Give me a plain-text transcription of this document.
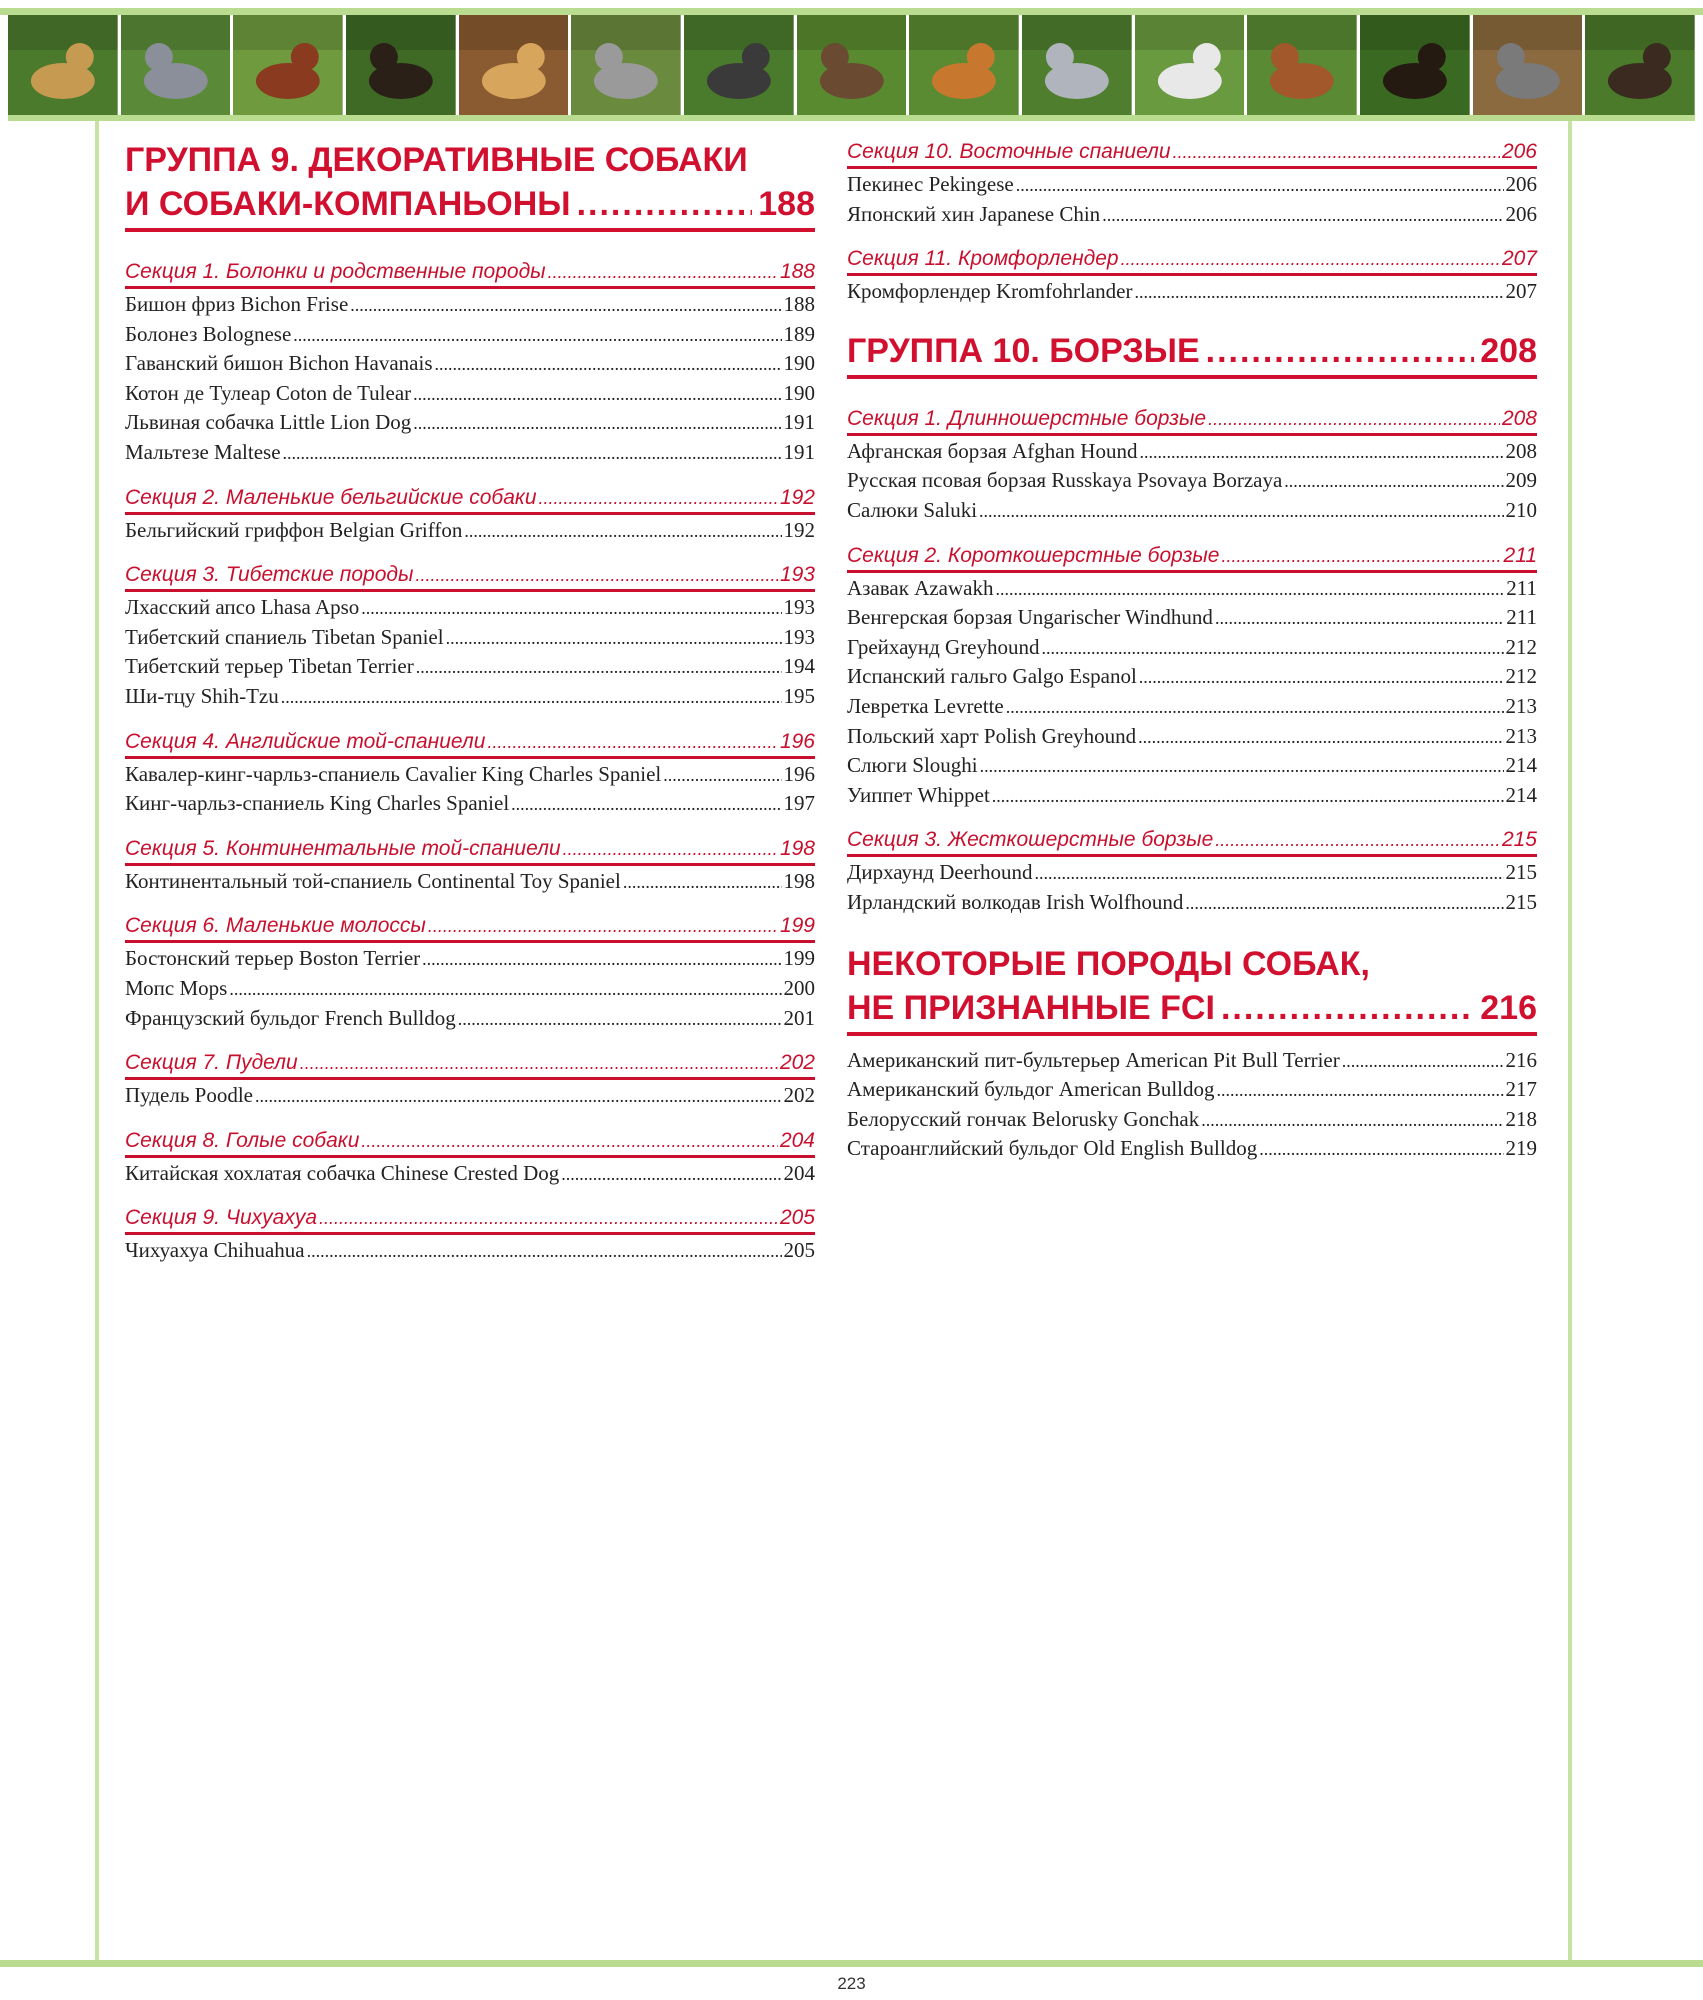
ГРУППА 9. ДЕКОРАТИВНЫЕ СОБАКИ
И СОБАКИ-КОМПАНЬОНЫ .....	188
Секция 1. Болонки и родственные породы .....	188
Бишон фриз Bichon Frise .....	188
Болонез Bolognese .....	189
Гаванский бишон Bichon Havanais .....	190
Котон де Тулеар Coton de Tulear .....	190
Львиная собачка Little Lion Dog .....	191
Мальтезе Maltese .....	191
Секция 2. Маленькие бельгийские собаки .....	192
Бельгийский гриффон Belgian Griffon .....	192
Секция 3. Тибетские породы .....	193
Лхасский апсо Lhasa Apso .....	193
Тибетский спаниель Tibetan Spaniel .....	193
Тибетский терьер Tibetan Terrier .....	194
Ши-тцу Shih-Tzu .....	195
Секция 4. Английские той-спаниели .....	196
Кавалер-кинг-чарльз-спаниель Cavalier King Charles Spaniel .....	196
Кинг-чарльз-спаниель King Charles Spaniel .....	197
Секция 5. Континентальные той-спаниели .....	198
Континентальный той-спаниель Continental Toy Spaniel .....	198
Секция 6. Маленькие молоссы .....	199
Бостонский терьер Boston Terrier .....	199
Мопс Mops .....	200
Французский бульдог French Bulldog .....	201
Секция 7. Пудели .....	202
Пудель Poodle .....	202
Секция 8. Голые собаки .....	204
Китайская хохлатая собачка Chinese Crested Dog .....	204
Секция 9. Чихуахуа .....	205
Чихуахуа Chihuahua .....	205
Секция 10. Восточные спаниели .....	206
Пекинес Pekingese .....	206
Японский хин Japanese Chin .....	206
Секция 11. Кромфорлендер .....	207
Кромфорлендер Kromfohrlander .....	207
ГРУППА 10. БОРЗЫЕ .....	208
Секция 1. Длинношерстные борзые .....	208
Афганская борзая Afghan Hound .....	208
Русская псовая борзая Russkaya Psovaya Borzaya .....	209
Салюки Saluki .....	210
Секция 2. Короткошерстные борзые .....	211
Азавак Azawakh .....	211
Венгерская борзая Ungarischer Windhund .....	211
Грейхаунд Greyhound .....	212
Испанский гальго Galgo Espanol .....	212
Левретка Levrette .....	213
Польский харт Polish Greyhound .....	213
Слюги Sloughi .....	214
Уиппет Whippet .....	214
Секция 3. Жесткошерстные борзые .....	215
Дирхаунд Deerhound .....	215
Ирландский волкодав Irish Wolfhound .....	215
НЕКОТОРЫЕ ПОРОДЫ СОБАК,
НЕ ПРИЗНАННЫЕ FCI .....	216
Американский пит-бультерьер American Pit Bull Terrier .....	216
Американский бульдог American Bulldog .....	217
Белорусский гончак Belorusky Gonchak .....	218
Староанглийский бульдог Old English Bulldog .....	219
223
